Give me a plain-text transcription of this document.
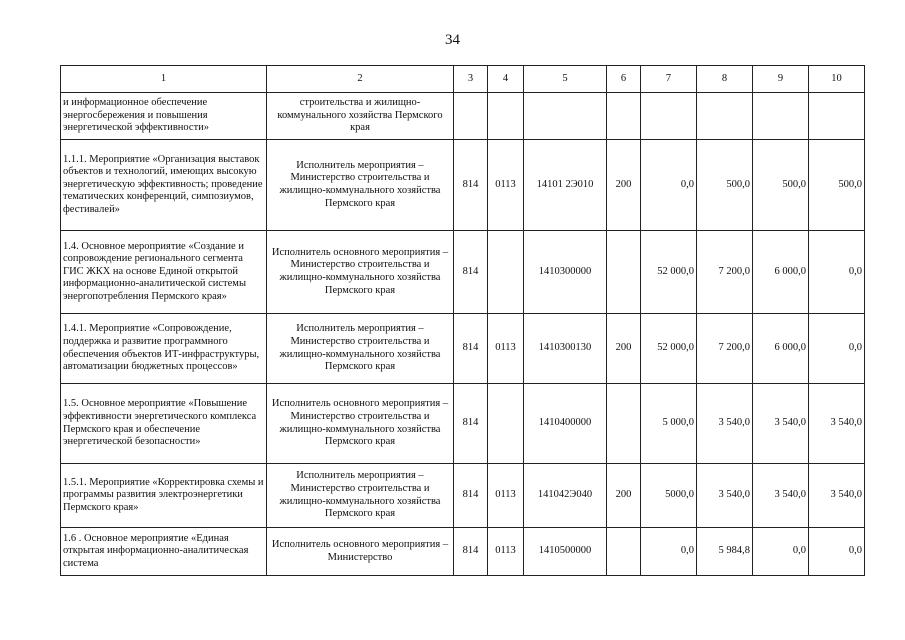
34
1	2	3	4	5	6	7	8	9	10
и информационное обеспечение энергосбережения и повышения энергетической эффективности»	строительства и жилищно-коммунального хозяйства Пермского края								
1.1.1. Мероприятие «Организация выставок объектов и технологий, имеющих высокую энергетическую эффективность; проведение тематических конференций, симпозиумов, фестивалей»	Исполнитель мероприятия – Министерство строительства и жилищно-коммунального хозяйства Пермского края	814	0113	14101 2Э010	200	0,0	500,0	500,0	500,0
1.4. Основное мероприятие «Создание и сопровождение регионального сегмента ГИС ЖКХ на основе Единой открытой информационно-аналитической системы энергопотребления Пермского края»	Исполнитель основного мероприятия – Министерство строительства и жилищно-коммунального хозяйства Пермского края	814		1410300000		52 000,0	7 200,0	6 000,0	0,0
1.4.1. Мероприятие «Сопровождение, поддержка и развитие программного обеспечения объектов ИТ-инфраструктуры, автоматизации бюджетных процессов»	Исполнитель мероприятия – Министерство строительства и жилищно-коммунального хозяйства Пермского края	814	0113	1410300130	200	52 000,0	7 200,0	6 000,0	0,0
1.5. Основное мероприятие «Повышение эффективности энергетического комплекса Пермского края и обеспечение энергетической безопасности»	Исполнитель основного мероприятия – Министерство строительства и жилищно-коммунального хозяйства Пермского края	814		1410400000		5 000,0	3 540,0	3 540,0	3 540,0
1.5.1. Мероприятие «Корректировка схемы и программы развития электроэнергетики Пермского края»	Исполнитель мероприятия – Министерство строительства и жилищно-коммунального хозяйства Пермского края	814	0113	141042Э040	200	5000,0	3 540,0	3 540,0	3 540,0
1.6 . Основное мероприятие «Единая открытая информационно-аналитическая система	Исполнитель основного мероприятия – Министерство	814	0113	1410500000		0,0	5 984,8	0,0	0,0
